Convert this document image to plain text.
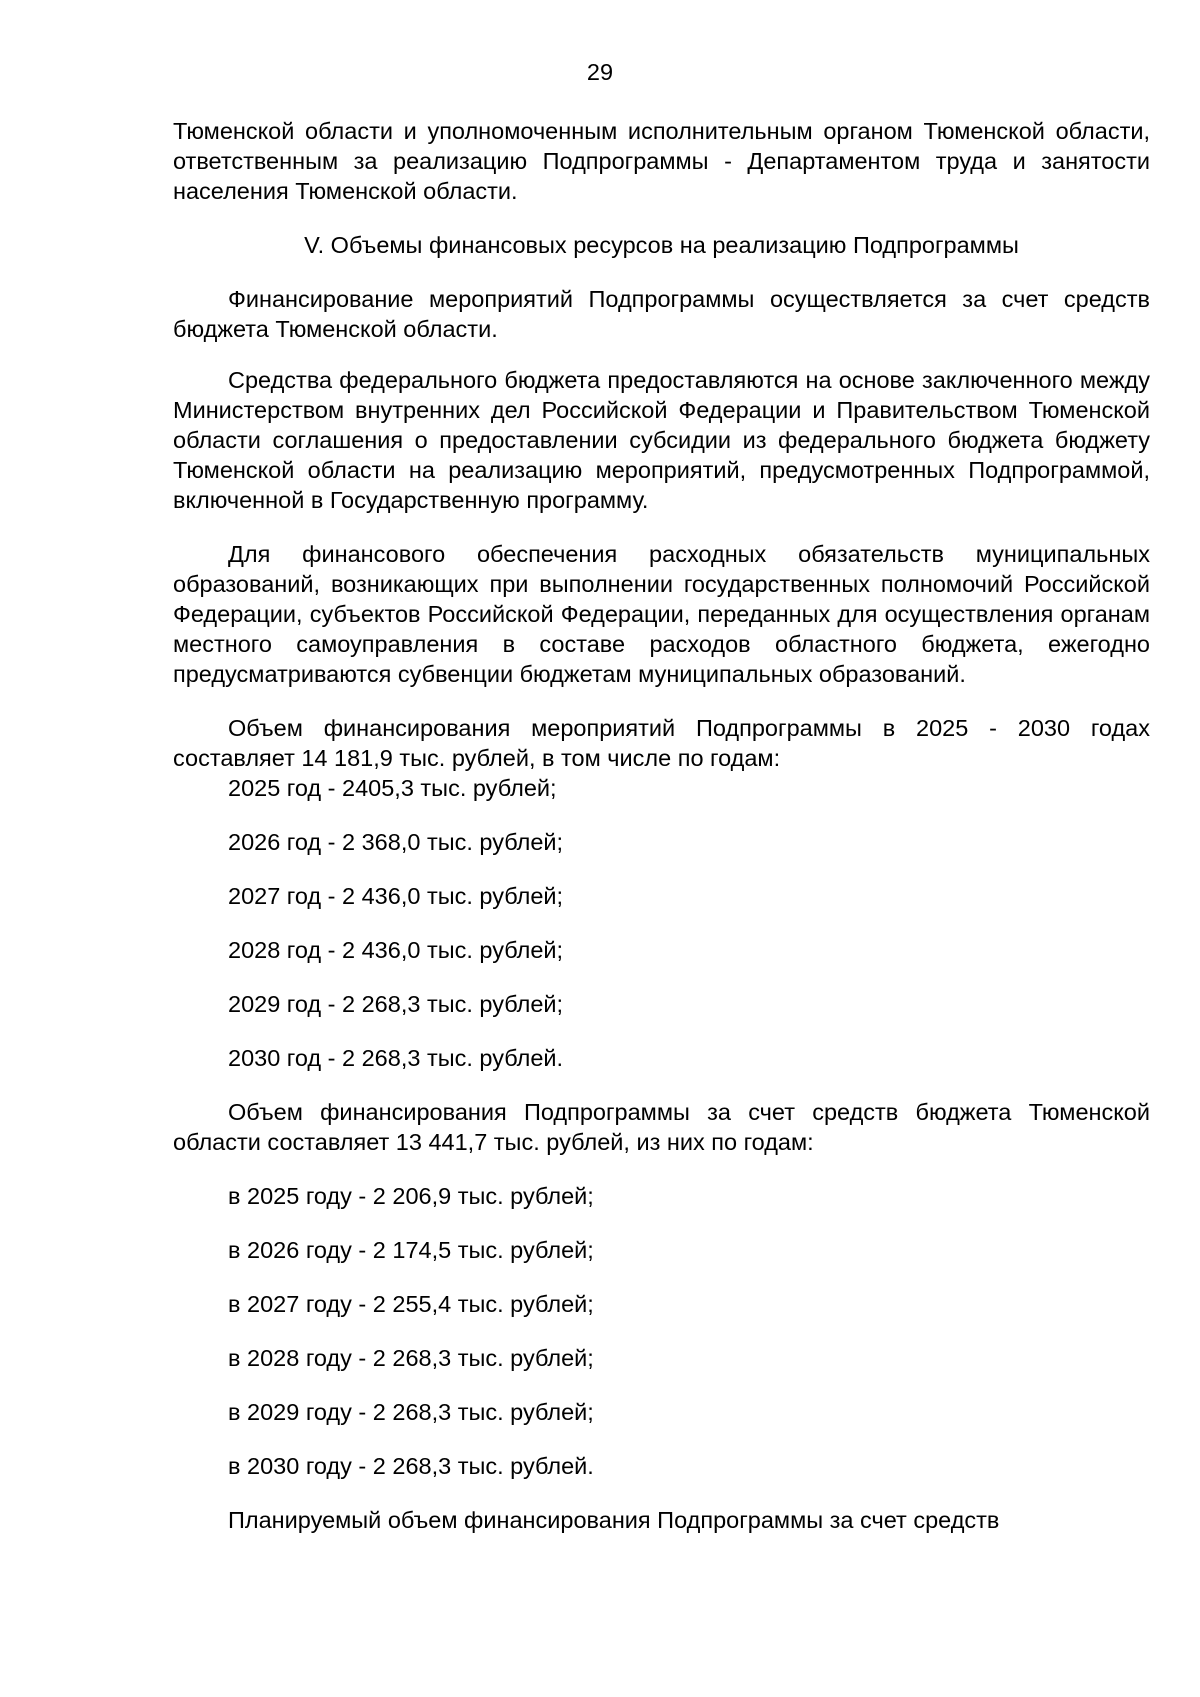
29

Тюменской области и уполномоченным исполнительным органом Тюменской области, ответственным за реализацию Подпрограммы - Департаментом труда и занятости населения Тюменской области.

V. Объемы финансовых ресурсов на реализацию Подпрограммы

Финансирование мероприятий Подпрограммы осуществляется за счет средств бюджета Тюменской области.

Средства федерального бюджета предоставляются на основе заключенного между Министерством внутренних дел Российской Федерации и Правительством Тюменской области соглашения о предоставлении субсидии из федерального бюджета бюджету Тюменской области на реализацию мероприятий, предусмотренных Подпрограммой, включенной в Государственную программу.

Для финансового обеспечения расходных обязательств муниципальных образований, возникающих при выполнении государственных полномочий Российской Федерации, субъектов Российской Федерации, переданных для осуществления органам местного самоуправления в составе расходов областного бюджета, ежегодно предусматриваются субвенции бюджетам муниципальных образований.

Объем финансирования мероприятий Подпрограммы в 2025 - 2030 годах составляет 14 181,9 тыс. рублей, в том числе по годам:

2025 год - 2405,3 тыс. рублей;

2026 год - 2 368,0 тыс. рублей;

2027 год - 2 436,0 тыс. рублей;

2028 год - 2 436,0 тыс. рублей;

2029 год - 2 268,3 тыс. рублей;

2030 год - 2 268,3 тыс. рублей.

Объем финансирования Подпрограммы за счет средств бюджета Тюменской области составляет 13 441,7 тыс. рублей, из них по годам:

в 2025 году - 2 206,9 тыс. рублей;

в 2026 году - 2 174,5 тыс. рублей;

в 2027 году - 2 255,4 тыс. рублей;

в 2028 году - 2 268,3 тыс. рублей;

в 2029 году - 2 268,3 тыс. рублей;

в 2030 году - 2 268,3 тыс. рублей.

Планируемый объем финансирования Подпрограммы за счет средств
